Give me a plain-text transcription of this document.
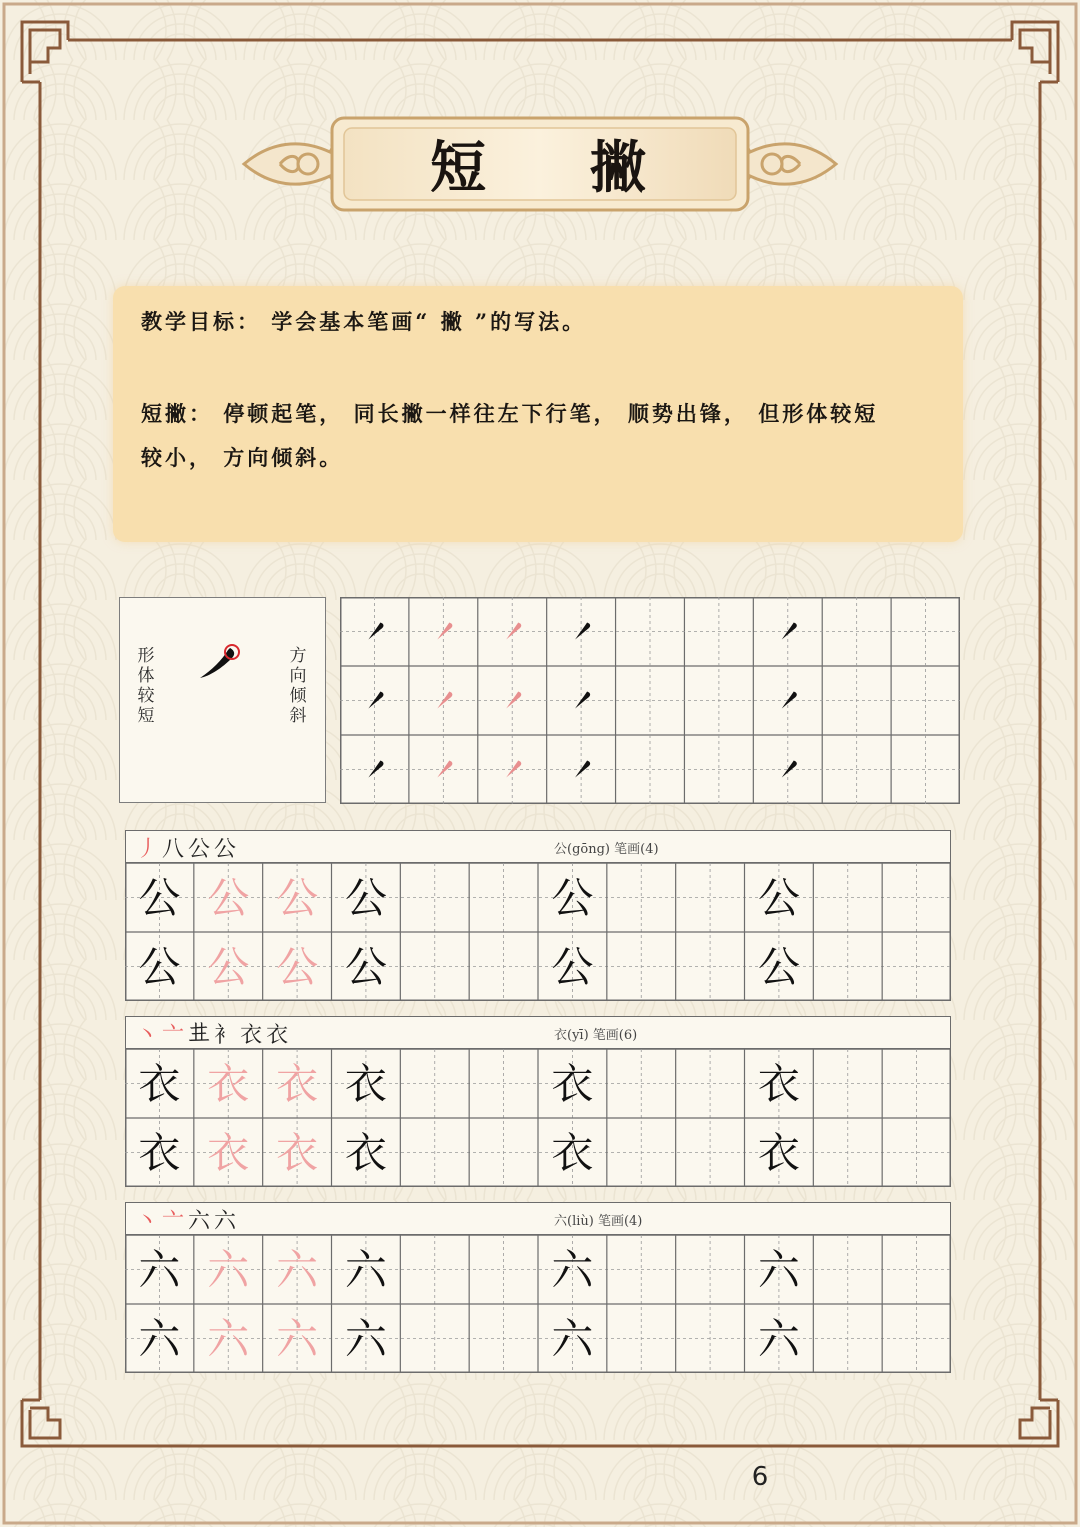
短 撇
教学目标： 学会基本笔画“ 撇 ”的写法。
短撇： 停顿起笔， 同长撇一样往左下行笔， 顺势出锋， 但形体较短
较小， 方向倾斜。
形
体
较
短
方
向
倾
斜
丿 八 公 公	公(gōng) 笔画(4)
公 公 公 公	公	公
公 公 公 公	公	公
丶 亠 𠀎 衤 衣 衣	衣(yī) 笔画(6)
衣 衣 衣 衣	衣	衣
衣 衣 衣 衣	衣	衣
丶 亠 六 六	六(liù) 笔画(4)
六 六 六 六	六	六
六 六 六 六	六	六
6
